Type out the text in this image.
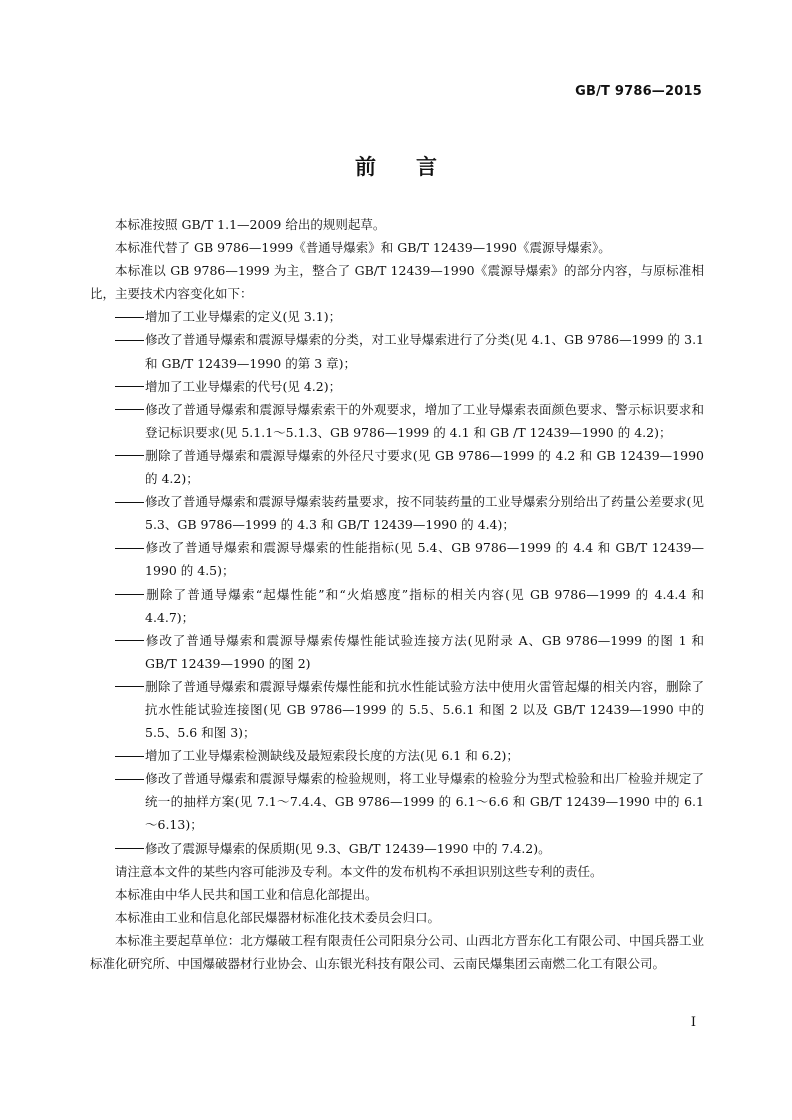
GB/T 9786—2015
前 言

本标准按照 GB/T 1.1—2009 给出的规则起草。

本标准代替了 GB 9786—1999《普通导爆索》和 GB/T 12439—1990《震源导爆索》。

本标准以 GB 9786—1999 为主，整合了 GB/T 12439—1990《震源导爆索》的部分内容，与原标准相比，主要技术内容变化如下：

增加了工业导爆索的定义(见 3.1)；

修改了普通导爆索和震源导爆索的分类，对工业导爆索进行了分类(见 4.1、GB 9786—1999 的 3.1 和 GB/T 12439—1990 的第 3 章)；

增加了工业导爆索的代号(见 4.2)；

修改了普通导爆索和震源导爆索索干的外观要求，增加了工业导爆索表面颜色要求、警示标识要求和登记标识要求(见 5.1.1～5.1.3、GB 9786—1999 的 4.1 和 GB /T 12439—1990 的 4.2)；

删除了普通导爆索和震源导爆索的外径尺寸要求(见 GB 9786—1999 的 4.2 和 GB 12439—1990 的 4.2)；

修改了普通导爆索和震源导爆索装药量要求，按不同装药量的工业导爆索分别给出了药量公差要求(见 5.3、GB 9786—1999 的 4.3 和 GB/T 12439—1990 的 4.4)；

修改了普通导爆索和震源导爆索的性能指标(见 5.4、GB 9786—1999 的 4.4 和 GB/T 12439—1990 的 4.5)；

删除了普通导爆索“起爆性能”和“火焰感度”指标的相关内容(见 GB 9786—1999 的 4.4.4 和 4.4.7)；

修改了普通导爆索和震源导爆索传爆性能试验连接方法(见附录 A、GB 9786—1999 的图 1 和 GB/T 12439—1990 的图 2)

删除了普通导爆索和震源导爆索传爆性能和抗水性能试验方法中使用火雷管起爆的相关内容，删除了抗水性能试验连接图(见 GB 9786—1999 的 5.5、5.6.1 和图 2 以及 GB/T 12439—1990 中的 5.5、5.6 和图 3)；

增加了工业导爆索检测缺线及最短索段长度的方法(见 6.1 和 6.2)；

修改了普通导爆索和震源导爆索的检验规则，将工业导爆索的检验分为型式检验和出厂检验并规定了统一的抽样方案(见 7.1～7.4.4、GB 9786—1999 的 6.1～6.6 和 GB/T 12439—1990 中的 6.1～6.13)；

修改了震源导爆索的保质期(见 9.3、GB/T 12439—1990 中的 7.4.2)。

请注意本文件的某些内容可能涉及专利。本文件的发布机构不承担识别这些专利的责任。

本标准由中华人民共和国工业和信息化部提出。

本标准由工业和信息化部民爆器材标准化技术委员会归口。

本标准主要起草单位：北方爆破工程有限责任公司阳泉分公司、山西北方晋东化工有限公司、中国兵器工业标准化研究所、中国爆破器材行业协会、山东银光科技有限公司、云南民爆集团云南燃二化工有限公司。

I
